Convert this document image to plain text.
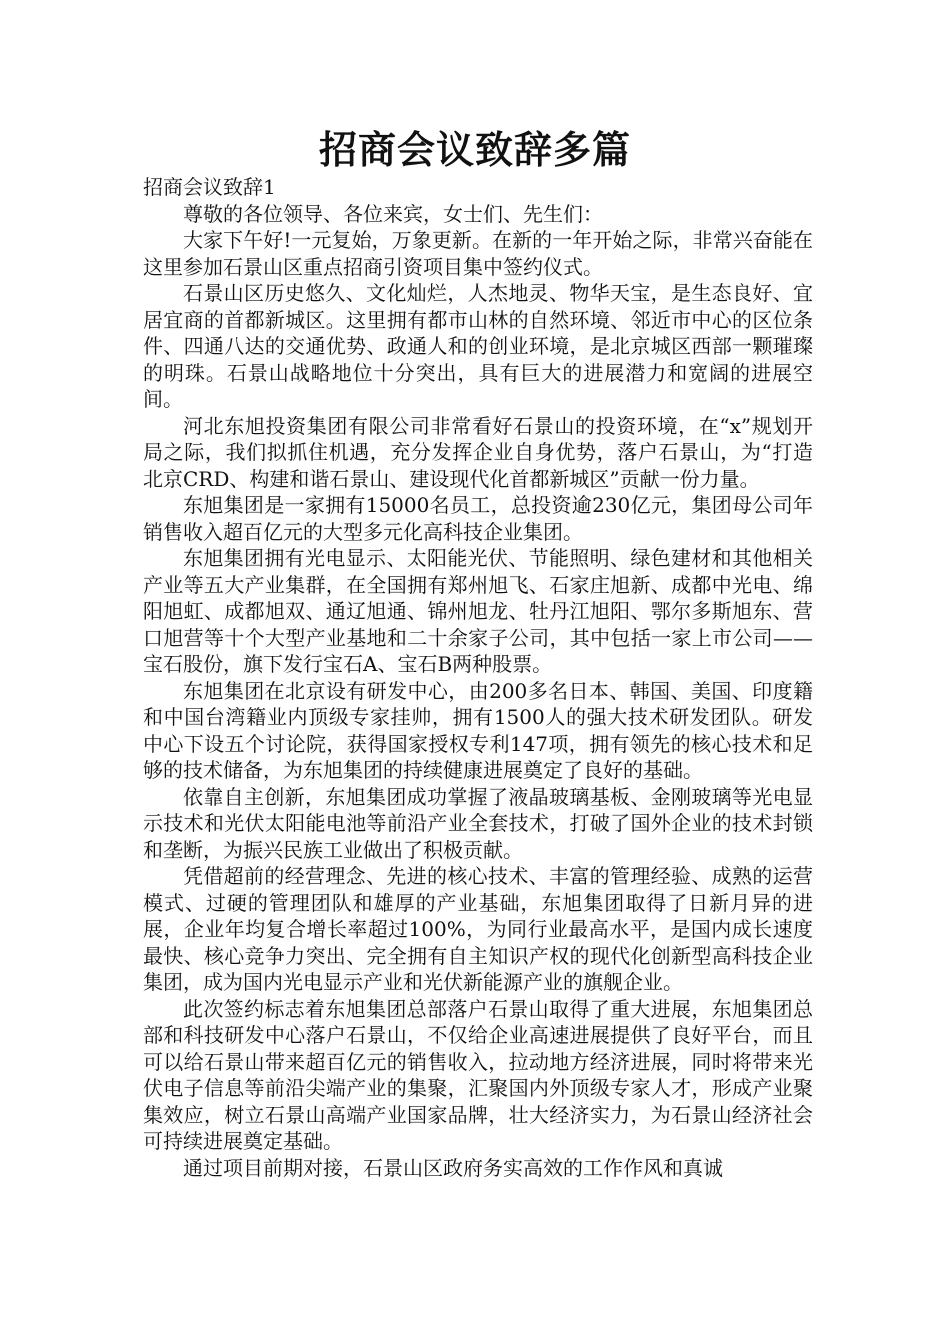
招商会议致辞多篇

招商会议致辞1

尊敬的各位领导、各位来宾，女士们、先生们：

大家下午好!一元复始，万象更新。在新的一年开始之际，非常兴奋能在这里参加石景山区重点招商引资项目集中签约仪式。

石景山区历史悠久、文化灿烂，人杰地灵、物华天宝，是生态良好、宜居宜商的首都新城区。这里拥有都市山林的自然环境、邻近市中心的区位条件、四通八达的交通优势、政通人和的创业环境，是北京城区西部一颗璀璨的明珠。石景山战略地位十分突出，具有巨大的进展潜力和宽阔的进展空间。

河北东旭投资集团有限公司非常看好石景山的投资环境，在“x”规划开局之际，我们拟抓住机遇，充分发挥企业自身优势，落户石景山，为“打造北京CRD、构建和谐石景山、建设现代化首都新城区”贡献一份力量。

东旭集团是一家拥有15000名员工，总投资逾230亿元，集团母公司年销售收入超百亿元的大型多元化高科技企业集团。

东旭集团拥有光电显示、太阳能光伏、节能照明、绿色建材和其他相关产业等五大产业集群，在全国拥有郑州旭飞、石家庄旭新、成都中光电、绵阳旭虹、成都旭双、通辽旭通、锦州旭龙、牡丹江旭阳、鄂尔多斯旭东、营口旭营等十个大型产业基地和二十余家子公司，其中包括一家上市公司——宝石股份，旗下发行宝石A、宝石B两种股票。

东旭集团在北京设有研发中心，由200多名日本、韩国、美国、印度籍和中国台湾籍业内顶级专家挂帅，拥有1500人的强大技术研发团队。研发中心下设五个讨论院，获得国家授权专利147项，拥有领先的核心技术和足够的技术储备，为东旭集团的持续健康进展奠定了良好的基础。

依靠自主创新，东旭集团成功掌握了液晶玻璃基板、金刚玻璃等光电显示技术和光伏太阳能电池等前沿产业全套技术，打破了国外企业的技术封锁和垄断，为振兴民族工业做出了积极贡献。

凭借超前的经营理念、先进的核心技术、丰富的管理经验、成熟的运营模式、过硬的管理团队和雄厚的产业基础，东旭集团取得了日新月异的进展，企业年均复合增长率超过100%，为同行业最高水平，是国内成长速度最快、核心竞争力突出、完全拥有自主知识产权的现代化创新型高科技企业集团，成为国内光电显示产业和光伏新能源产业的旗舰企业。

此次签约标志着东旭集团总部落户石景山取得了重大进展，东旭集团总部和科技研发中心落户石景山，不仅给企业高速进展提供了良好平台，而且可以给石景山带来超百亿元的销售收入，拉动地方经济进展，同时将带来光伏电子信息等前沿尖端产业的集聚，汇聚国内外顶级专家人才，形成产业聚集效应，树立石景山高端产业国家品牌，壮大经济实力，为石景山经济社会可持续进展奠定基础。

通过项目前期对接，石景山区政府务实高效的工作作风和真诚
